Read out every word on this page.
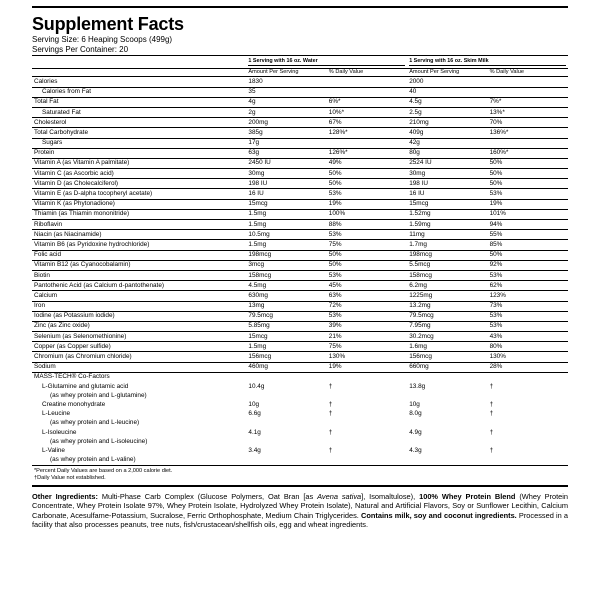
Supplement Facts
Serving Size: 6 Heaping Scoops (499g)
Servings Per Container: 20

	1 Serving with 16 oz. Water		1 Serving with 16 oz. Skim Milk	

	Amount Per Serving	% Daily Value	Amount Per Serving	% Daily Value
Calories	1830		2000	
Calories from Fat	35		40	
Total Fat	4g	6%*	4.5g	7%*
Saturated Fat	2g	10%*	2.5g	13%*
Cholesterol	200mg	67%	210mg	70%
Total Carbohydrate	385g	128%*	409g	136%*
Sugars	17g		42g	
Protein	63g	126%*	80g	160%*
Vitamin A (as Vitamin A palmitate)	2450 IU	49%	2524 IU	50%
Vitamin C (as Ascorbic acid)	30mg	50%	30mg	50%
Vitamin D (as Cholecalciferol)	198 IU	50%	198 IU	50%
Vitamin E (as D-alpha tocopheryl acetate)	16 IU	53%	16 IU	53%
Vitamin K (as Phytonadione)	15mcg	19%	15mcg	19%
Thiamin (as Thiamin mononitride)	1.5mg	100%	1.52mg	101%
Riboflavin	1.5mg	88%	1.59mg	94%
Niacin (as Niacinamide)	10.5mg	53%	11mg	55%
Vitamin B6 (as Pyridoxine hydrochloride)	1.5mg	75%	1.7mg	85%
Folic acid	198mcg	50%	198mcg	50%
Vitamin B12 (as Cyanocobalamin)	3mcg	50%	5.5mcg	92%
Biotin	158mcg	53%	158mcg	53%
Pantothenic Acid (as Calcium d-pantothenate)	4.5mg	45%	6.2mg	62%
Calcium	630mg	63%	1225mg	123%
Iron	13mg	72%	13.2mg	73%
Iodine (as Potassium iodide)	79.5mcg	53%	79.5mcg	53%
Zinc (as Zinc oxide)	5.85mg	39%	7.95mg	53%
Selenium (as Selenomethionine)	15mcg	21%	30.2mcg	43%
Copper (as Copper sulfide)	1.5mg	75%	1.6mg	80%
Chromium (as Chromium chloride)	156mcg	130%	156mcg	130%
Sodium	460mg	19%	660mg	28%
MASS-TECH® Co-Factors				
L-Glutamine and glutamic acid	10.4g	†	13.8g	†
(as whey protein and L-glutamine)				
Creatine monohydrate	10g	†	10g	†
L-Leucine	6.6g	†	8.0g	†
(as whey protein and L-leucine)				
L-Isoleucine	4.1g	†	4.9g	†
(as whey protein and L-isoleucine)				
L-Valine	3.4g	†	4.3g	†
(as whey protein and L-valine)				
*Percent Daily Values are based on a 2,000 calorie diet.
†Daily Value not established.
Other Ingredients: Multi-Phase Carb Complex (Glucose Polymers, Oat Bran [as Avena sativa], Isomaltulose), 100% Whey Protein Blend (Whey Protein Concentrate, Whey Protein Isolate 97%, Whey Protein Isolate, Hydrolyzed Whey Protein Isolate), Natural and Artificial Flavors, Soy or Sunflower Lecithin, Calcium Carbonate, Acesulfame-Potassium, Sucralose, Ferric Orthophosphate, Medium Chain Triglycerides. Contains milk, soy and coconut ingredients. Processed in a facility that also processes peanuts, tree nuts, fish/crustacean/shellfish oils, egg and wheat ingredients.
